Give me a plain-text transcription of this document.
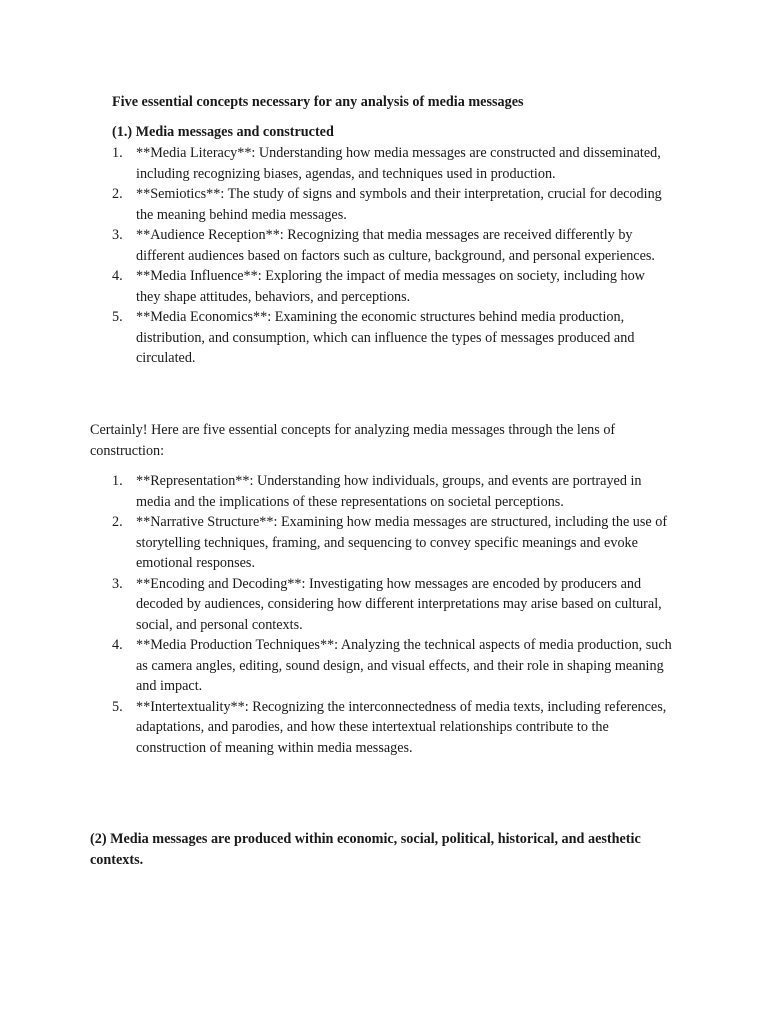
Five essential concepts necessary for any analysis of media messages

(1.) Media messages and constructed

1. **Media Literacy**: Understanding how media messages are constructed and disseminated, including recognizing biases, agendas, and techniques used in production.
2. **Semiotics**: The study of signs and symbols and their interpretation, crucial for decoding the meaning behind media messages.
3. **Audience Reception**: Recognizing that media messages are received differently by different audiences based on factors such as culture, background, and personal experiences.
4. **Media Influence**: Exploring the impact of media messages on society, including how they shape attitudes, behaviors, and perceptions.
5. **Media Economics**: Examining the economic structures behind media production, distribution, and consumption, which can influence the types of messages produced and circulated.

Certainly! Here are five essential concepts for analyzing media messages through the lens of construction:

1. **Representation**: Understanding how individuals, groups, and events are portrayed in media and the implications of these representations on societal perceptions.
2. **Narrative Structure**: Examining how media messages are structured, including the use of storytelling techniques, framing, and sequencing to convey specific meanings and evoke emotional responses.
3. **Encoding and Decoding**: Investigating how messages are encoded by producers and decoded by audiences, considering how different interpretations may arise based on cultural, social, and personal contexts.
4. **Media Production Techniques**: Analyzing the technical aspects of media production, such as camera angles, editing, sound design, and visual effects, and their role in shaping meaning and impact.
5. **Intertextuality**: Recognizing the interconnectedness of media texts, including references, adaptations, and parodies, and how these intertextual relationships contribute to the construction of meaning within media messages.

(2) Media messages are produced within economic, social, political, historical, and aesthetic contexts.
